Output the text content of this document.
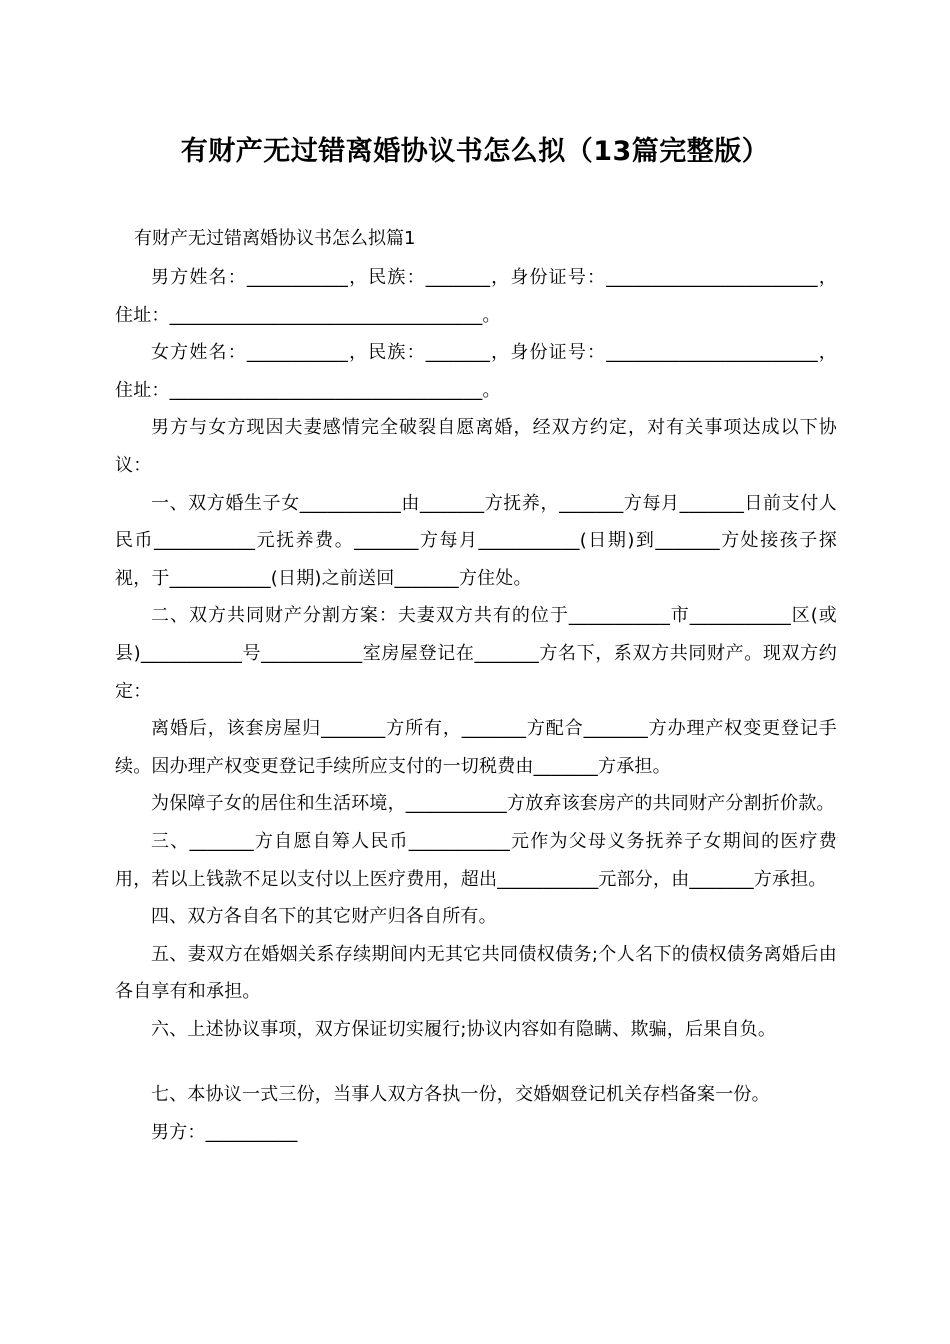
有财产无过错离婚协议书怎么拟（13篇完整版）
有财产无过错离婚协议书怎么拟篇1

男方姓名：___________，民族：_______，身份证号：_______________________，住址：__________________________________。

女方姓名：___________，民族：_______，身份证号：_______________________，住址：__________________________________。

男方与女方现因夫妻感情完全破裂自愿离婚，经双方约定，对有关事项达成以下协议：

一、双方婚生子女___________由_______方抚养，_______方每月_______日前支付人民币___________元抚养费。_______方每月___________(日期)到_______方处接孩子探视，于___________(日期)之前送回_______方住处。

二、双方共同财产分割方案：夫妻双方共有的位于___________市___________区(或县)___________号___________室房屋登记在_______方名下，系双方共同财产。现双方约定：

离婚后，该套房屋归_______方所有，_______方配合_______方办理产权变更登记手续。因办理产权变更登记手续所应支付的一切税费由_______方承担。

为保障子女的居住和生活环境，___________方放弃该套房产的共同财产分割折价款。

三、_______方自愿自筹人民币___________元作为父母义务抚养子女期间的医疗费用，若以上钱款不足以支付以上医疗费用，超出___________元部分，由_______方承担。

四、双方各自名下的其它财产归各自所有。

五、妻双方在婚姻关系存续期间内无其它共同债权债务;个人名下的债权债务离婚后由各自享有和承担。

六、上述协议事项，双方保证切实履行;协议内容如有隐瞒、欺骗，后果自负。

七、本协议一式三份，当事人双方各执一份，交婚姻登记机关存档备案一份。

男方：__________
